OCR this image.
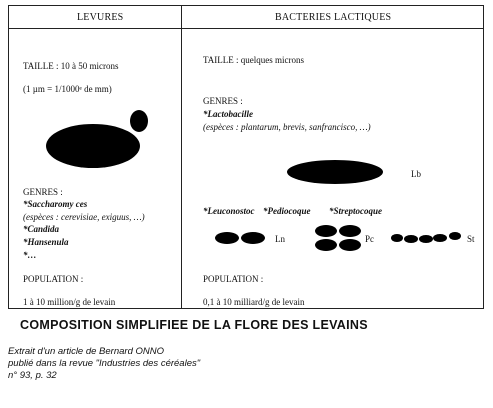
LEVURES
TAILLE : 10 à 50 microns
(1 µm = 1/1000ᵉ de mm)
GENRES :
*Saccharomy ces
(espèces : cerevisiae, exiguus, …)
*Candida
*Hansenula
*…
POPULATION :
1 à 10 million/g de levain
BACTERIES LACTIQUES
TAILLE : quelques microns
GENRES :
*Lactobacille
(espèces : plantarum, brevis, sanfrancisco, …)
Lb
*Leuconostoc *Pediocoque *Streptocoque
Ln	Pc	St
POPULATION :
0,1 à 10 milliard/g de levain
COMPOSITION SIMPLIFIEE DE LA FLORE DES LEVAINS
Extrait d'un article de Bernard ONNO
publié dans la revue "Industries des céréales"
n° 93, p. 32
